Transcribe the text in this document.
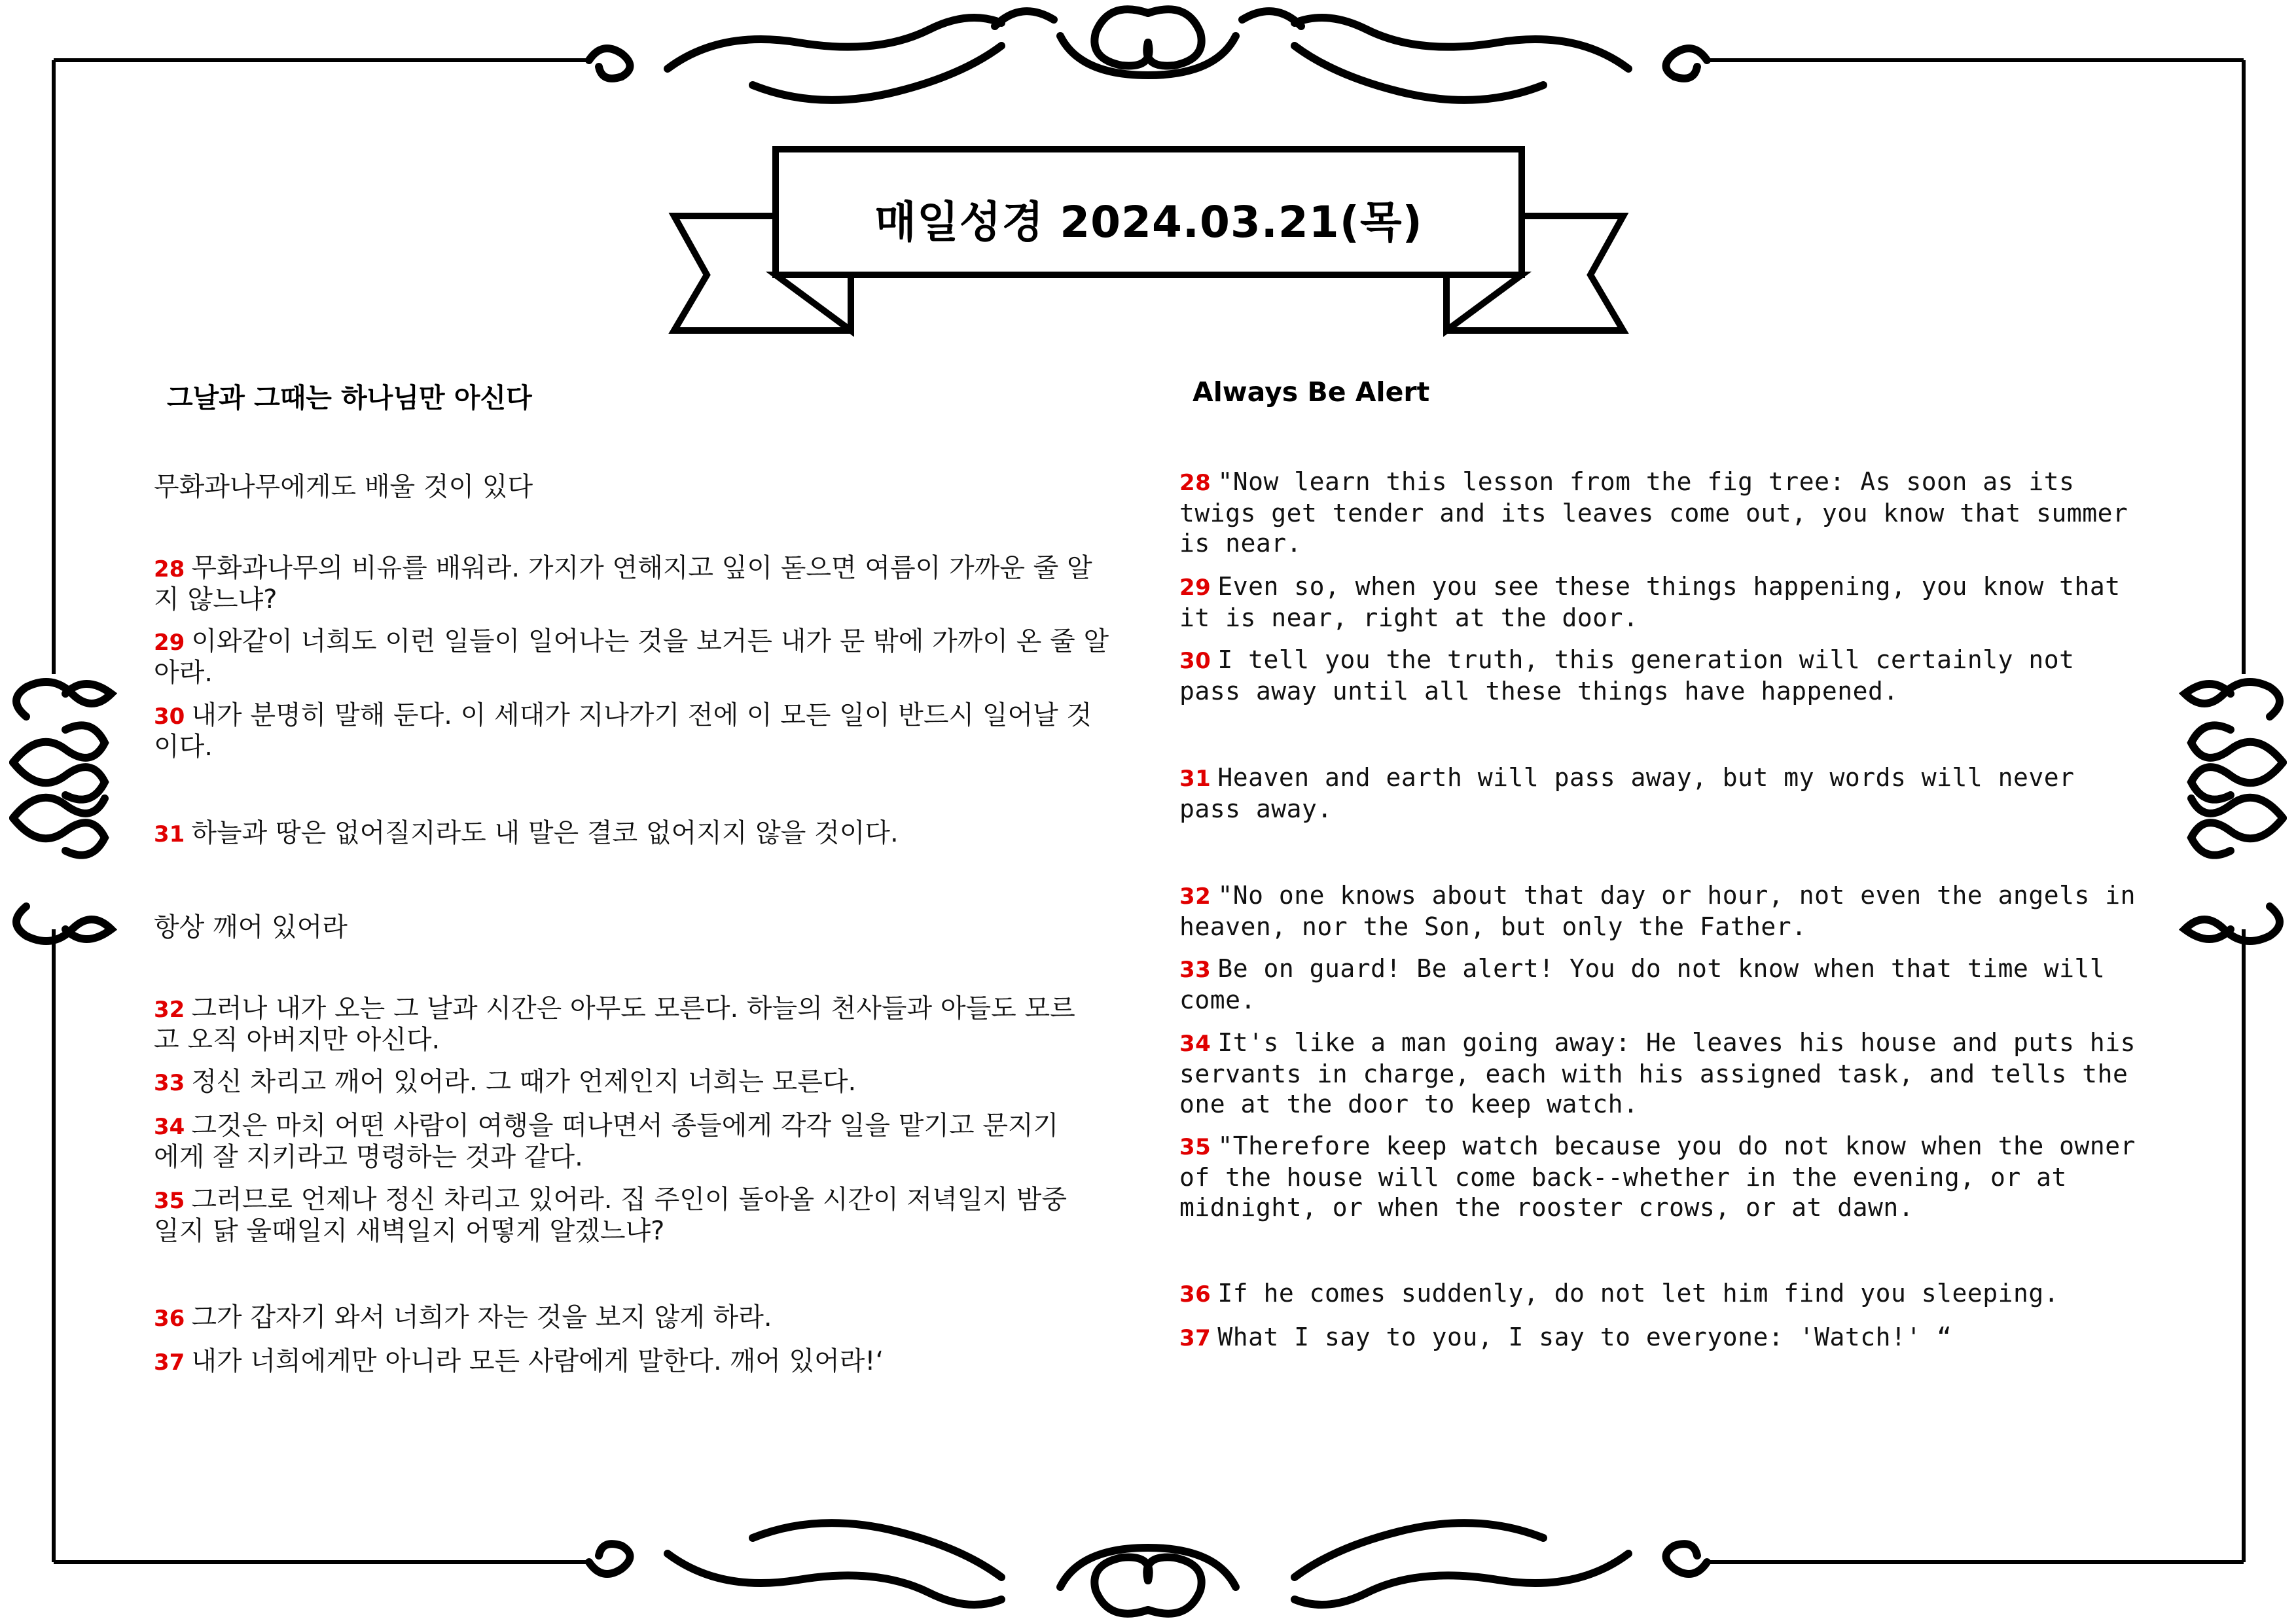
매일성경 2024.03.21(목)
그날과 그때는 하나님만 아신다
무화과나무에게도 배울 것이 있다
28 무화과나무의 비유를 배워라. 가지가 연해지고 잎이 돋으면 여름이 가까운 줄 알지 않느냐?
29 이와같이 너희도 이런 일들이 일어나는 것을 보거든 내가 문 밖에 가까이 온 줄 알아라.
30 내가 분명히 말해 둔다. 이 세대가 지나가기 전에 이 모든 일이 반드시 일어날 것이다.
31 하늘과 땅은 없어질지라도 내 말은 결코 없어지지 않을 것이다.
항상 깨어 있어라
32 그러나 내가 오는 그 날과 시간은 아무도 모른다. 하늘의 천사들과 아들도 모르고 오직 아버지만 아신다.
33 정신 차리고 깨어 있어라. 그 때가 언제인지 너희는 모른다.
34 그것은 마치 어떤 사람이 여행을 떠나면서 종들에게 각각 일을 맡기고 문지기에게 잘 지키라고 명령하는 것과 같다.
35 그러므로 언제나 정신 차리고 있어라. 집 주인이 돌아올 시간이 저녁일지 밤중일지 닭 울때일지 새벽일지 어떻게 알겠느냐?
36 그가 갑자기 와서 너희가 자는 것을 보지 않게 하라.
37 내가 너희에게만 아니라 모든 사람에게 말한다. 깨어 있어라!‘
Always Be Alert
28 "Now learn this lesson from the fig tree: As soon as its twigs get tender and its leaves come out, you know that summer is near.
29 Even so, when you see these things happening, you know that it is near, right at the door.
30 I tell you the truth, this generation will certainly not pass away until all these things have happened.
31 Heaven and earth will pass away, but my words will never pass away.
32 "No one knows about that day or hour, not even the angels in heaven, nor the Son, but only the Father.
33 Be on guard! Be alert! You do not know when that time will come.
34 It's like a man going away: He leaves his house and puts his servants in charge, each with his assigned task, and tells the one at the door to keep watch.
35 "Therefore keep watch because you do not know when the owner of the house will come back--whether in the evening, or at midnight, or when the rooster crows, or at dawn.
36 If he comes suddenly, do not let him find you sleeping.
37 What I say to you, I say to everyone: 'Watch!' “
